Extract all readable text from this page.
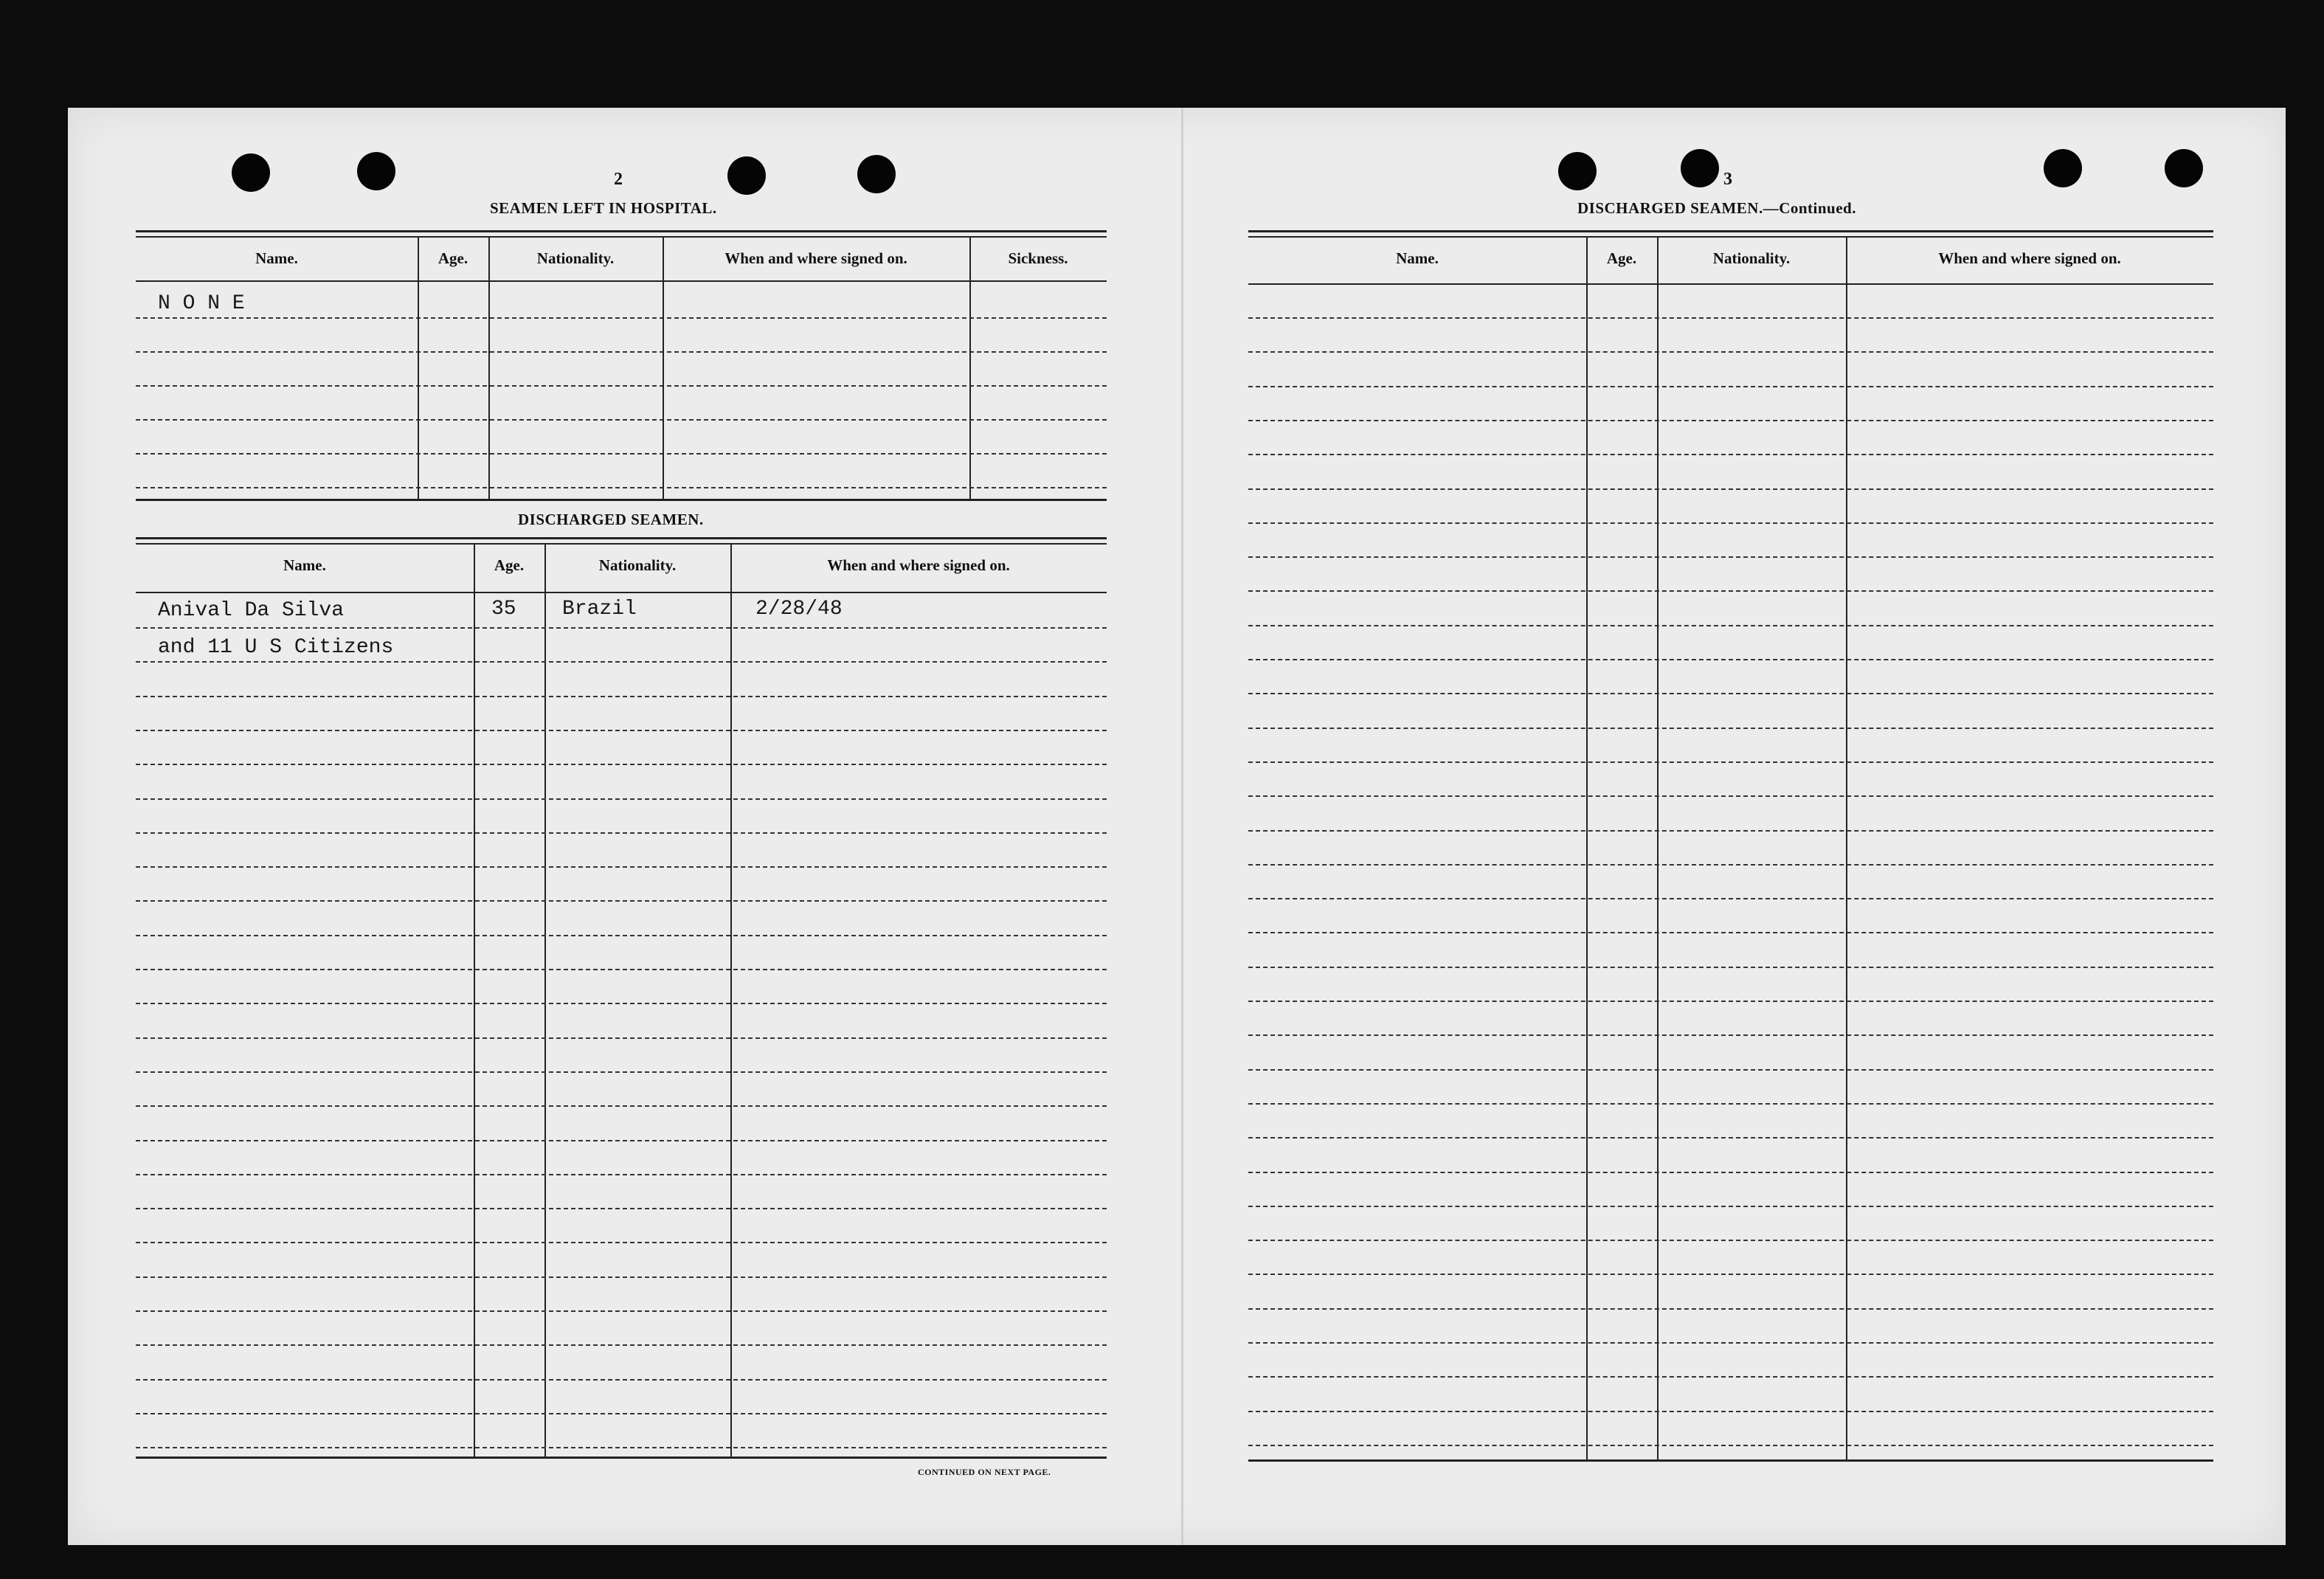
2
SEAMEN LEFT IN HOSPITAL.
Name.	Age.	Nationality.	When and where signed on.	Sickness.
N O N E
DISCHARGED SEAMEN.
Name.	Age.	Nationality.	When and where signed on.
Anival Da Silva	35 Brazil	2/28/48
and 11 U S Citizens
CONTINUED ON NEXT PAGE.
3
DISCHARGED SEAMEN.—Continued.
Name.	Age.	Nationality.	When and where signed on.
